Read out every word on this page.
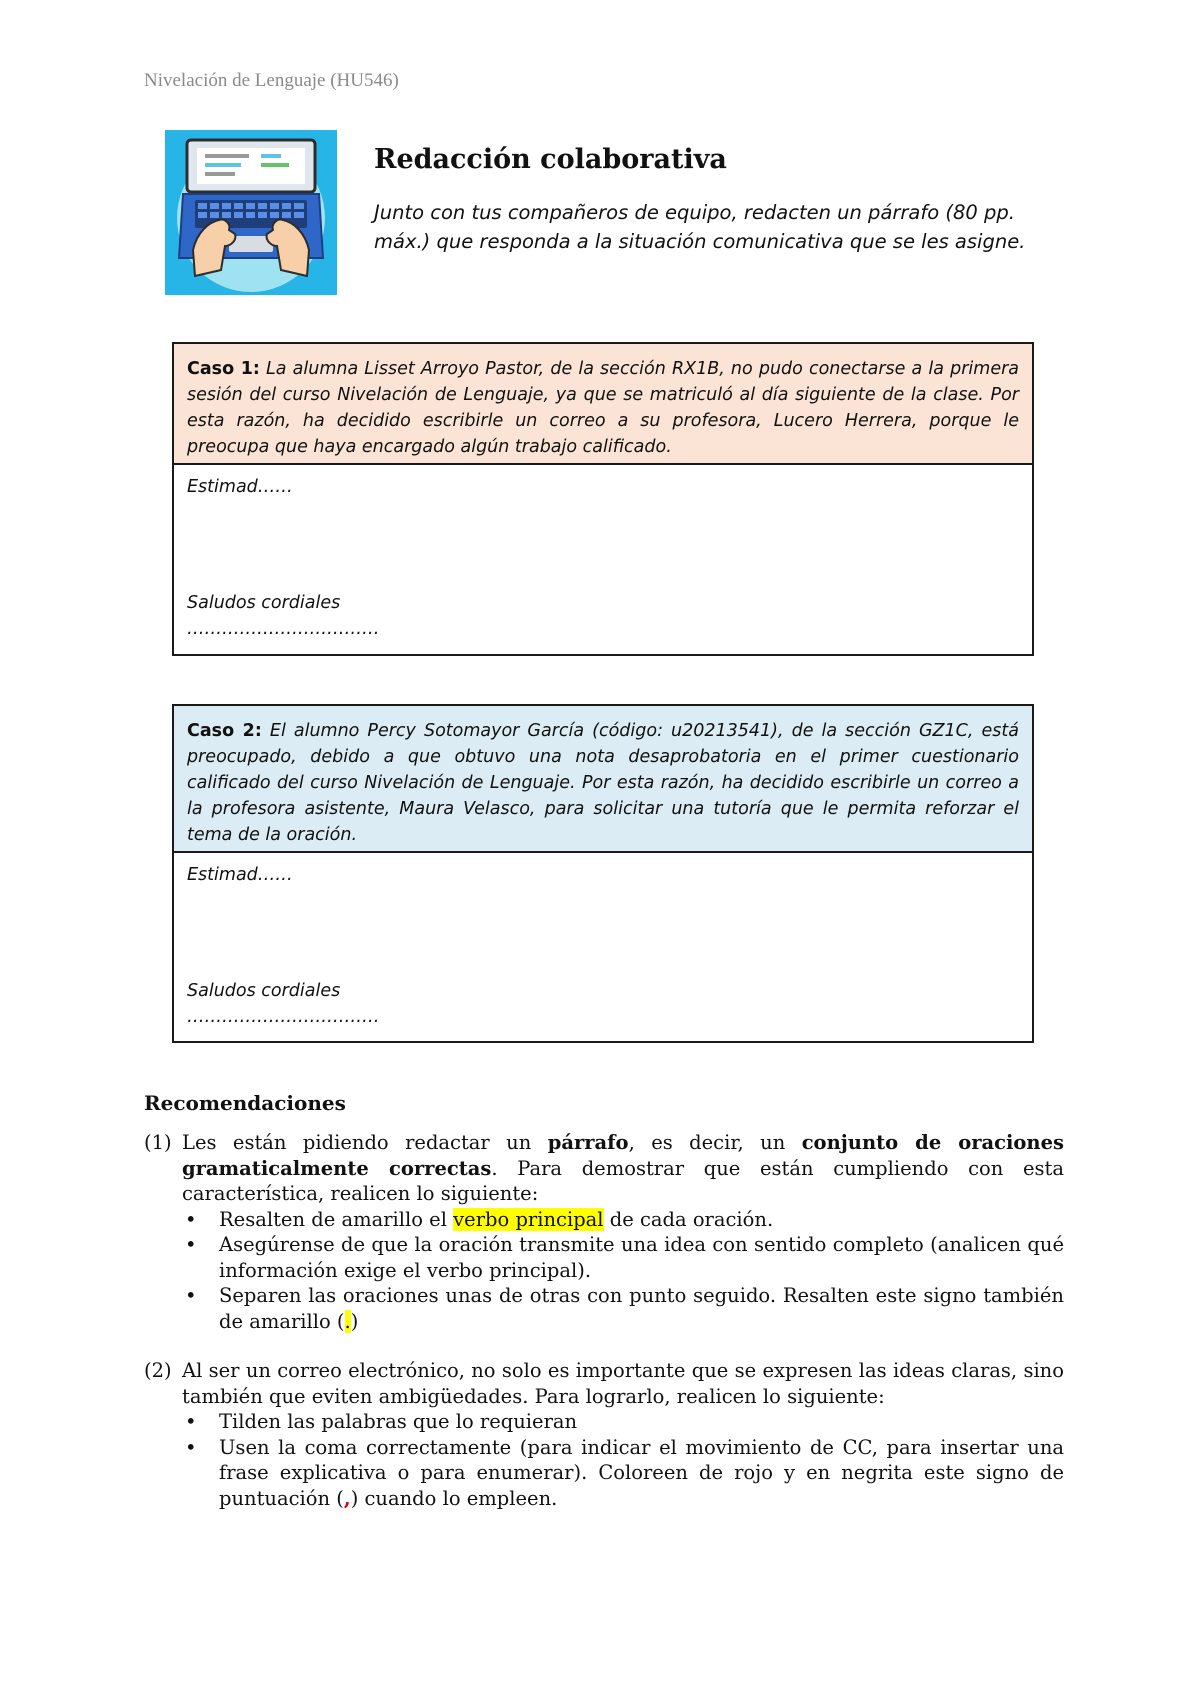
Nivelación de Lenguaje (HU546)
Redacción colaborativa
Junto con tus compañeros de equipo, redacten un párrafo (80 pp. máx.) que responda a la situación comunicativa que se les asigne.
Caso 1: La alumna Lisset Arroyo Pastor, de la sección RX1B, no pudo conectarse a la primera sesión del curso Nivelación de Lenguaje, ya que se matriculó al día siguiente de la clase. Por esta razón, ha decidido escribirle un correo a su profesora, Lucero Herrera, porque le preocupa que haya encargado algún trabajo calificado.
Estimad……
Saludos cordiales
……………………………
Caso 2: El alumno Percy Sotomayor García (código: u20213541), de la sección GZ1C, está preocupado, debido a que obtuvo una nota desaprobatoria en el primer cuestionario calificado del curso Nivelación de Lenguaje. Por esta razón, ha decidido escribirle un correo a la profesora asistente, Maura Velasco, para solicitar una tutoría que le permita reforzar el tema de la oración.
Estimad……
Saludos cordiales
……………………………
Recomendaciones
(1) Les están pidiendo redactar un párrafo, es decir, un conjunto de oraciones gramaticalmente correctas. Para demostrar que están cumpliendo con esta característica, realicen lo siguiente:
• Resalten de amarillo el verbo principal de cada oración.
• Asegúrense de que la oración transmite una idea con sentido completo (analicen qué información exige el verbo principal).
• Separen las oraciones unas de otras con punto seguido. Resalten este signo también de amarillo (.)
(2) Al ser un correo electrónico, no solo es importante que se expresen las ideas claras, sino también que eviten ambigüedades. Para lograrlo, realicen lo siguiente:
• Tilden las palabras que lo requieran
• Usen la coma correctamente (para indicar el movimiento de CC, para insertar una frase explicativa o para enumerar). Coloreen de rojo y en negrita este signo de puntuación (,) cuando lo empleen.
